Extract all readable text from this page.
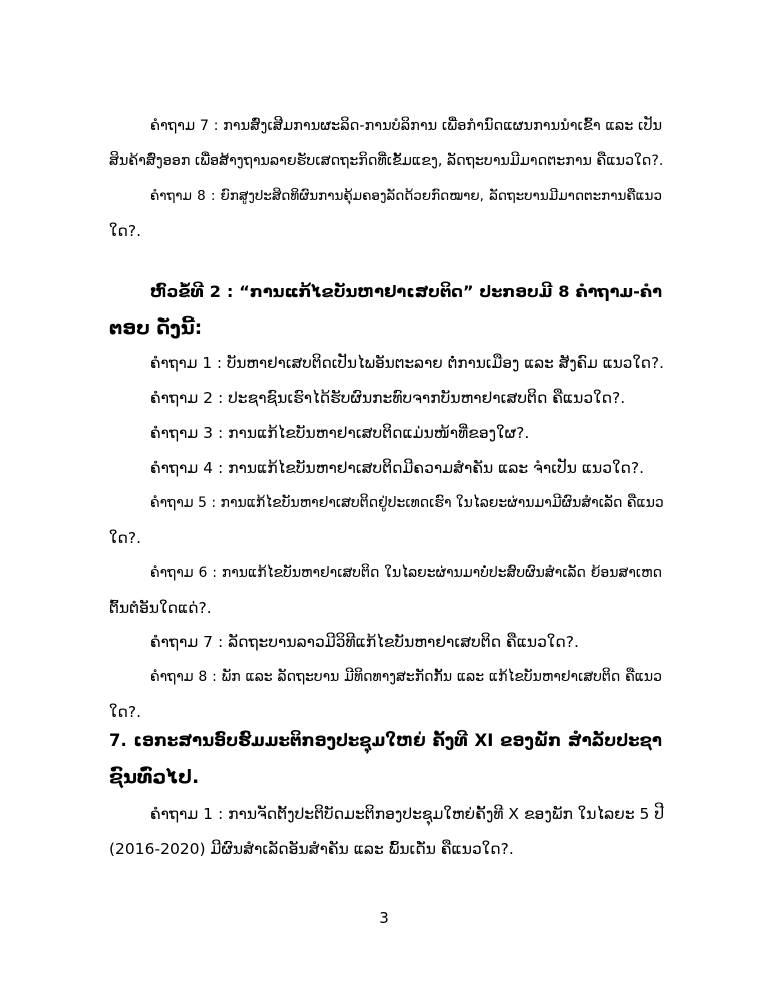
ຄຳຖາມ 7 : ການສົ່ງເສີມການຜະລິດ-ການບໍລິການ ເພື່ອກຳນົດແຜນການນຳເຂົ້າ ແລະ ເປັນ
ສິນຄ້າສົ່ງອອກ ເພື່ອສ້າງຖານລາຍຮັບເສດຖະກິດທີ່ເຂັ້ມແຂງ, ລັດຖະບານມີມາດຕະການ ຄືແນວໃດ?.
ຄຳຖາມ 8 : ຍົກສູງປະສິດທິຜົນການຄຸ້ມຄອງລັດດ້ວຍກົດໝາຍ, ລັດຖະບານມີມາດຕະການຄືແນວ
ໃດ?.
ຫົວຂໍ້ທີ 2 : “ການແກ້ໄຂບັນຫາຢາເສບຕິດ” ປະກອບມີ 8 ຄຳຖາມ-ຄຳ
ຕອບ ດັ່ງນີ້:
ຄຳຖາມ 1 : ບັນຫາຢາເສບຕິດເປັນໄພອັນຕະລາຍ ຕໍ່ການເມືອງ ແລະ ສັງຄົມ ແນວໃດ?.
ຄຳຖາມ 2 : ປະຊາຊົນເຮົາໄດ້ຮັບຜົນກະທົບຈາກບັນຫາຢາເສບຕິດ ຄືແນວໃດ?.
ຄຳຖາມ 3 : ການແກ້ໄຂບັນຫາຢາເສບຕິດແມ່ນໜ້າທີ່ຂອງໃຜ?.
ຄຳຖາມ 4 : ການແກ້ໄຂບັນຫາຢາເສບຕິດມີຄວາມສຳຄັນ ແລະ ຈຳເປັນ ແນວໃດ?.
ຄຳຖາມ 5 : ການແກ້ໄຂບັນຫາຢາເສບຕິດຢູ່ປະເທດເຮົາ ໃນໄລຍະຜ່ານມາມີຜົນສຳເລັດ ຄືແນວ
ໃດ?.
ຄຳຖາມ 6 : ການແກ້ໄຂບັນຫາຢາເສບຕິດ ໃນໄລຍະຜ່ານມາບໍ່ປະສົບຜົນສຳເລັດ ຍ້ອນສາເຫດ
ຕົ້ນຕໍອັນໃດແດ່?.
ຄຳຖາມ 7 : ລັດຖະບານລາວມີວິທີແກ້ໄຂບັນຫາຢາເສບຕິດ ຄືແນວໃດ?.
ຄຳຖາມ 8 : ພັກ ແລະ ລັດຖະບານ ມີທິດທາງສະກັດກັ້ນ ແລະ ແກ້ໄຂບັນຫາຢາເສບຕິດ ຄືແນວ
ໃດ?.
7. ເອກະສານອົບຮົມມະຕິກອງປະຊຸມໃຫຍ່ ຄັ້ງທີ XI ຂອງພັກ ສຳລັບປະຊາ
ຊົນທົ່ວໄປ.
ຄຳຖາມ 1 : ການຈັດຕັ້ງປະຕິບັດມະຕິກອງປະຊຸມໃຫຍ່ຄັ້ງທີ X ຂອງພັກ ໃນໄລຍະ 5 ປີ
(2016-2020) ມີຜົນສຳເລັດອັນສຳຄັນ ແລະ ພົ້ນເດັ່ນ ຄືແນວໃດ?.
3
